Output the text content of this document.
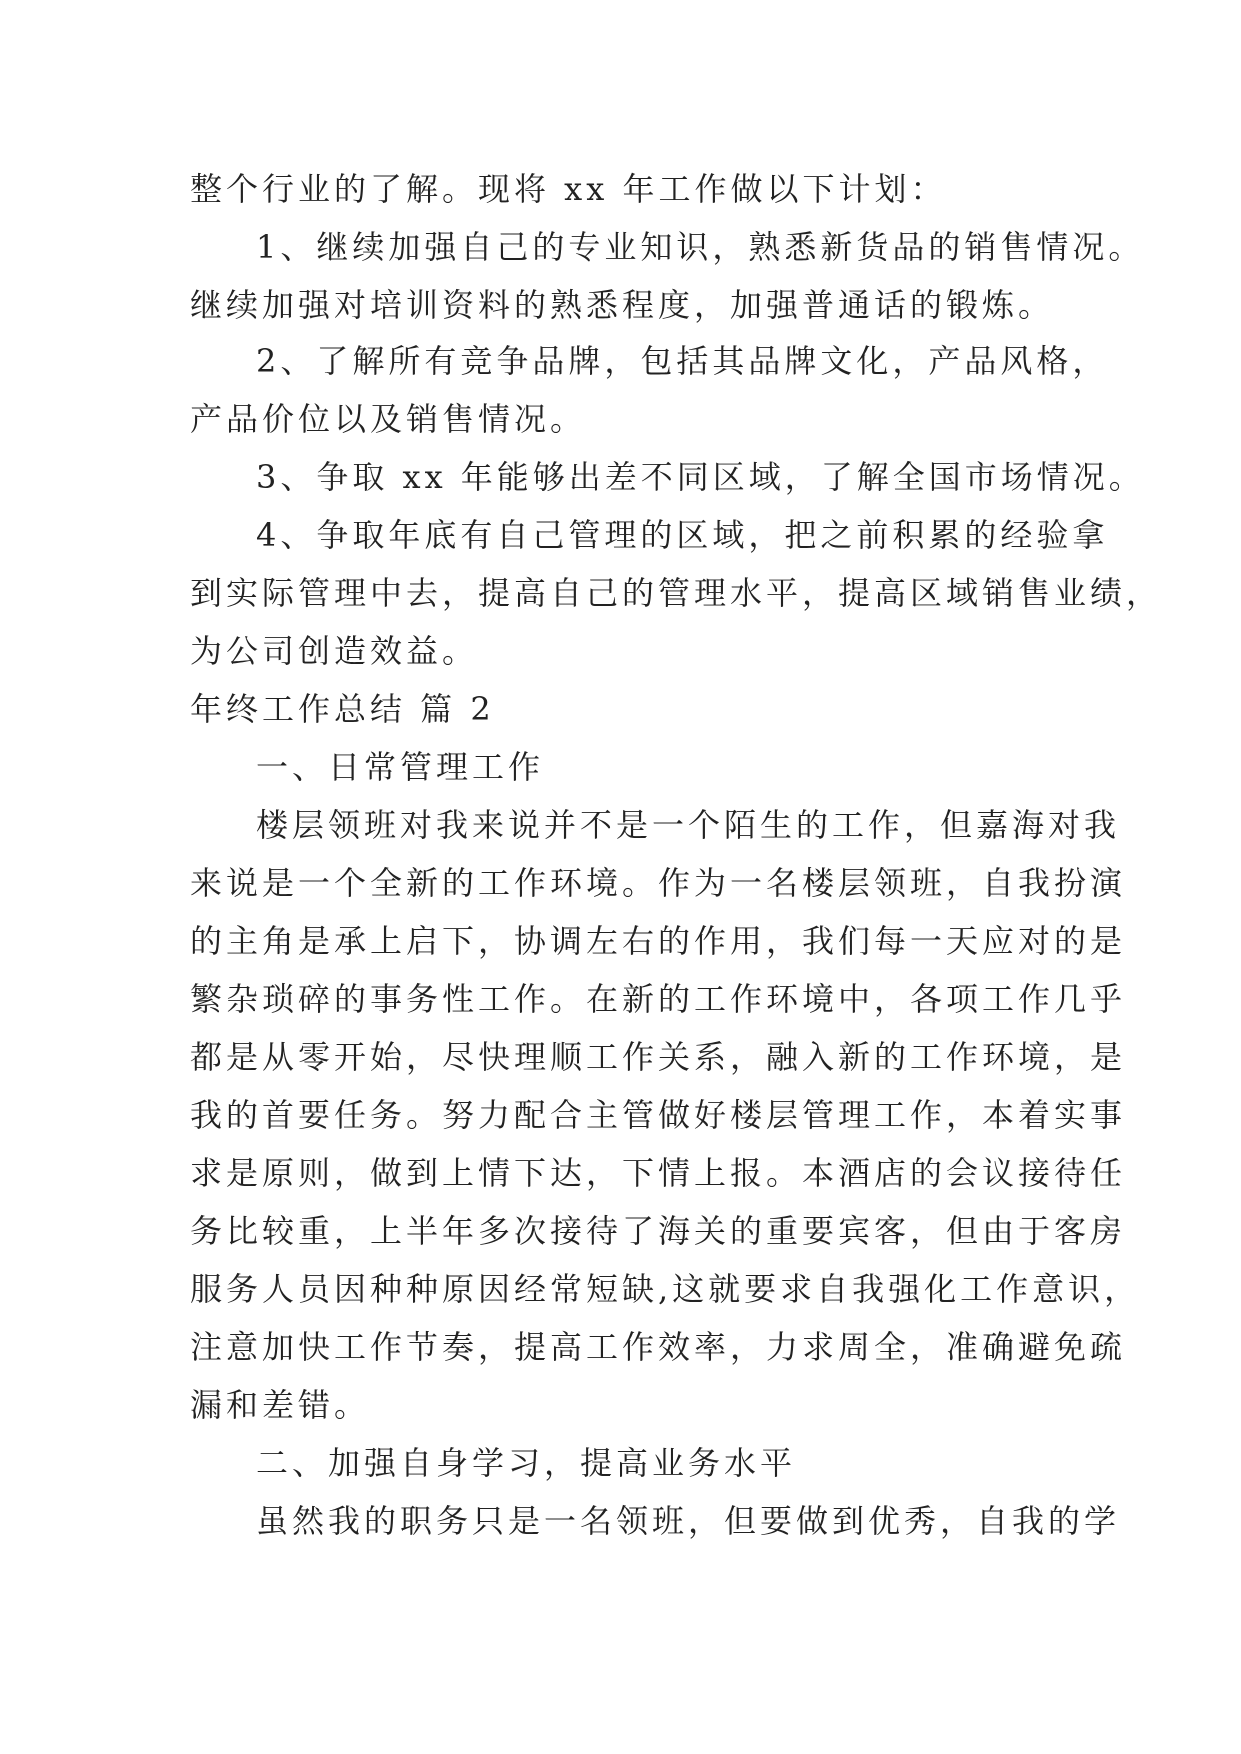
整个行业的了解。现将 xx 年工作做以下计划：

1、继续加强自己的专业知识，熟悉新货品的销售情况。

继续加强对培训资料的熟悉程度，加强普通话的锻炼。

2、了解所有竞争品牌，包括其品牌文化，产品风格，

产品价位以及销售情况。

3、争取 xx 年能够出差不同区域，了解全国市场情况。

4、争取年底有自己管理的区域，把之前积累的经验拿

到实际管理中去，提高自己的管理水平，提高区域销售业绩，

为公司创造效益。

年终工作总结 篇 2

一、日常管理工作

楼层领班对我来说并不是一个陌生的工作，但嘉海对我

来说是一个全新的工作环境。作为一名楼层领班，自我扮演

的主角是承上启下，协调左右的作用，我们每一天应对的是

繁杂琐碎的事务性工作。在新的工作环境中，各项工作几乎

都是从零开始，尽快理顺工作关系，融入新的工作环境，是

我的首要任务。努力配合主管做好楼层管理工作，本着实事

求是原则，做到上情下达，下情上报。本酒店的会议接待任

务比较重，上半年多次接待了海关的重要宾客，但由于客房

服务人员因种种原因经常短缺,这就要求自我强化工作意识，

注意加快工作节奏，提高工作效率，力求周全，准确避免疏

漏和差错。

二、加强自身学习，提高业务水平

虽然我的职务只是一名领班，但要做到优秀，自我的学
